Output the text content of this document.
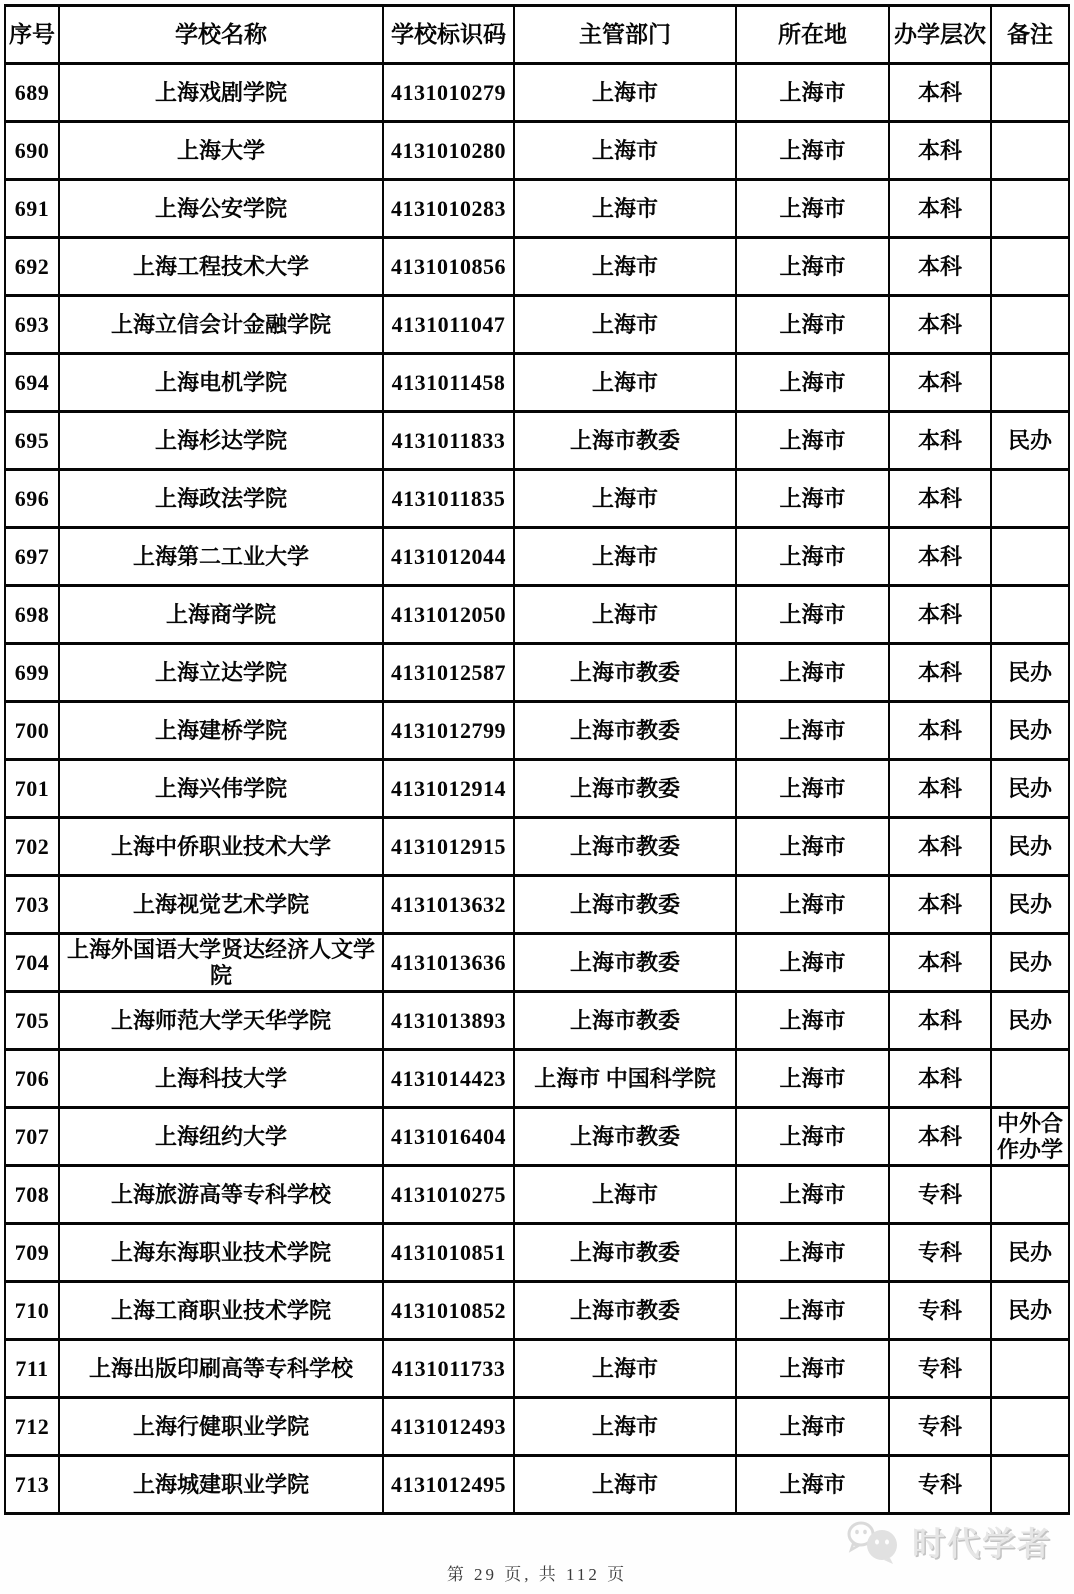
序号	学校名称	学校标识码	主管部门	所在地	办学层次	备注
689	上海戏剧学院	4131010279	上海市	上海市	本科	
690	上海大学	4131010280	上海市	上海市	本科	
691	上海公安学院	4131010283	上海市	上海市	本科	
692	上海工程技术大学	4131010856	上海市	上海市	本科	
693	上海立信会计金融学院	4131011047	上海市	上海市	本科	
694	上海电机学院	4131011458	上海市	上海市	本科	
695	上海杉达学院	4131011833	上海市教委	上海市	本科	民办
696	上海政法学院	4131011835	上海市	上海市	本科	
697	上海第二工业大学	4131012044	上海市	上海市	本科	
698	上海商学院	4131012050	上海市	上海市	本科	
699	上海立达学院	4131012587	上海市教委	上海市	本科	民办
700	上海建桥学院	4131012799	上海市教委	上海市	本科	民办
701	上海兴伟学院	4131012914	上海市教委	上海市	本科	民办
702	上海中侨职业技术大学	4131012915	上海市教委	上海市	本科	民办
703	上海视觉艺术学院	4131013632	上海市教委	上海市	本科	民办
704	上海外国语大学贤达经济人文学院	4131013636	上海市教委	上海市	本科	民办
705	上海师范大学天华学院	4131013893	上海市教委	上海市	本科	民办
706	上海科技大学	4131014423	上海市 中国科学院	上海市	本科	
707	上海纽约大学	4131016404	上海市教委	上海市	本科	中外合作办学
708	上海旅游高等专科学校	4131010275	上海市	上海市	专科	
709	上海东海职业技术学院	4131010851	上海市教委	上海市	专科	民办
710	上海工商职业技术学院	4131010852	上海市教委	上海市	专科	民办
711	上海出版印刷高等专科学校	4131011733	上海市	上海市	专科	
712	上海行健职业学院	4131012493	上海市	上海市	专科	
713	上海城建职业学院	4131012495	上海市	上海市	专科	
时代学者
第 29 页, 共 112 页
